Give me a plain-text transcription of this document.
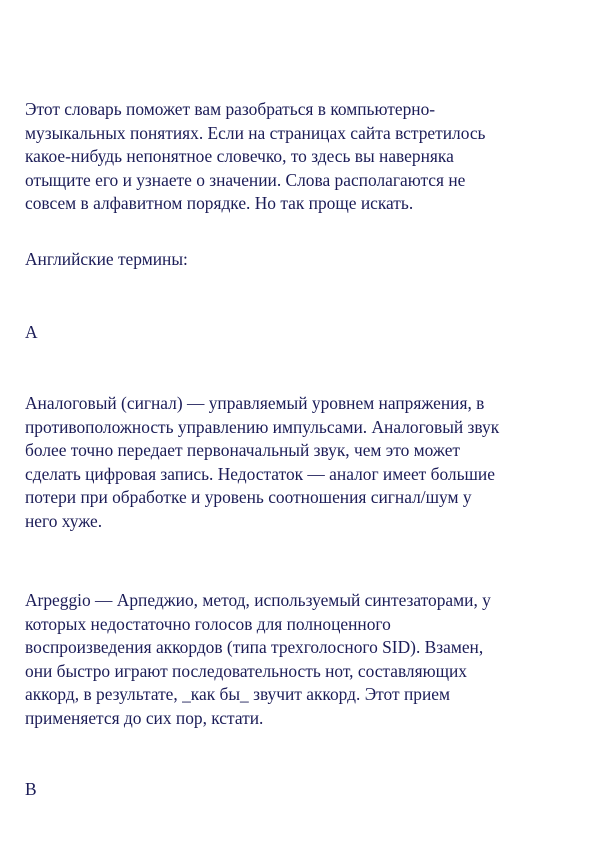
Этот словарь поможет вам разобраться в компьютерно-
музыкальных понятиях. Если на страницах сайта встретилось
какое-нибудь непонятное словечко, то здесь вы наверняка
отыщите его и узнаете о значении. Слова располагаются не
совсем в алфавитном порядке. Но так проще искать.

Английские термины:

A

Аналоговый (сигнал) — управляемый уровнем напряжения, в
противоположность управлению импульсами. Аналоговый звук
более точно передает первоначальный звук, чем это может
сделать цифровая запись. Недостаток — аналог имеет большие
потери при обработке и уровень соотношения сигнал/шум у
него хуже.

Arpeggio — Арпеджио, метод, используемый синтезаторами, у
которых недостаточно голосов для полноценного
воспроизведения аккордов (типа трехголосного SID). Взамен,
они быстро играют последовательность нот, составляющих
аккорд, в результате, _как бы_ звучит аккорд. Этот прием
применяется до сих пор, кстати.

B
